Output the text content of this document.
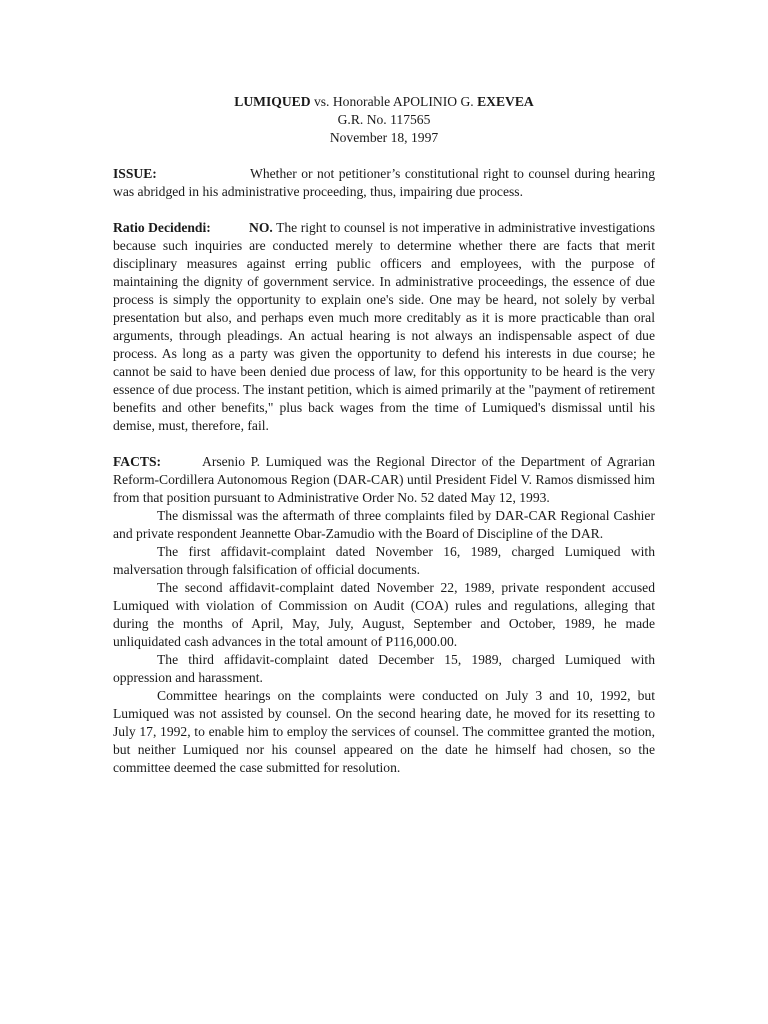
LUMIQUED vs. Honorable APOLINIO G. EXEVEA
G.R. No. 117565
November 18, 1997

ISSUE:	Whether or not petitioner’s constitutional right to counsel during hearing was abridged in his administrative proceeding, thus, impairing due process.

Ratio Decidendi:	NO. The right to counsel is not imperative in administrative investigations because such inquiries are conducted merely to determine whether there are facts that merit disciplinary measures against erring public officers and employees, with the purpose of maintaining the dignity of government service. In administrative proceedings, the essence of due process is simply the opportunity to explain one's side. One may be heard, not solely by verbal presentation but also, and perhaps even much more creditably as it is more practicable than oral arguments, through pleadings. An actual hearing is not always an indispensable aspect of due process. As long as a party was given the opportunity to defend his interests in due course; he cannot be said to have been denied due process of law, for this opportunity to be heard is the very essence of due process. The instant petition, which is aimed primarily at the "payment of retirement benefits and other benefits," plus back wages from the time of Lumiqued's dismissal until his demise, must, therefore, fail.

FACTS:	Arsenio P. Lumiqued was the Regional Director of the Department of Agrarian Reform-Cordillera Autonomous Region (DAR-CAR) until President Fidel V. Ramos dismissed him from that position pursuant to Administrative Order No. 52 dated May 12, 1993.

The dismissal was the aftermath of three complaints filed by DAR-CAR Regional Cashier and private respondent Jeannette Obar-Zamudio with the Board of Discipline of the DAR.

The first affidavit-complaint dated November 16, 1989, charged Lumiqued with malversation through falsification of official documents.

The second affidavit-complaint dated November 22, 1989, private respondent accused Lumiqued with violation of Commission on Audit (COA) rules and regulations, alleging that during the months of April, May, July, August, September and October, 1989, he made unliquidated cash advances in the total amount of P116,000.00.

The third affidavit-complaint dated December 15, 1989, charged Lumiqued with oppression and harassment.

Committee hearings on the complaints were conducted on July 3 and 10, 1992, but Lumiqued was not assisted by counsel. On the second hearing date, he moved for its resetting to July 17, 1992, to enable him to employ the services of counsel. The committee granted the motion, but neither Lumiqued nor his counsel appeared on the date he himself had chosen, so the committee deemed the case submitted for resolution.
